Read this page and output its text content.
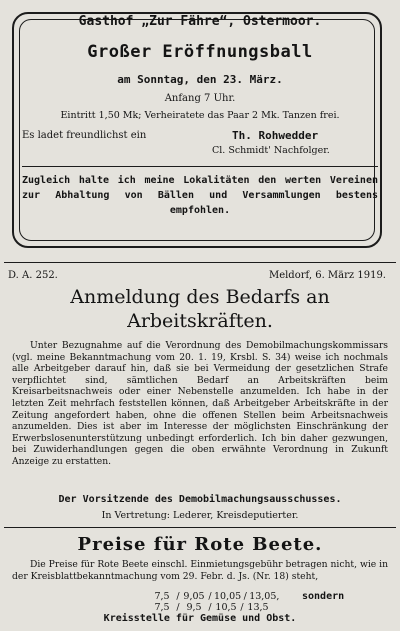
Gasthof „Zur Fähre“, Ostermoor.
Großer Eröffnungsball
am Sonntag, den 23. März.
Anfang 7 Uhr.
Eintritt 1,50 Mk; Verheiratete das Paar 2 Mk. Tanzen frei.
Es ladet freundlichst ein	Th. Rohwedder
Cl. Schmidt' Nachfolger.
Zugleich halte ich meine Lokalitäten den werten Vereinen zur Abhaltung von Bällen und Versammlungen bestens empfohlen.
D. A. 252.	Meldorf, 6. März 1919.
Anmeldung des Bedarfs an
Arbeitskräften.
Unter Bezugnahme auf die Verordnung des Demobilmachungskommissars (vgl. meine Bekanntmachung vom 20. 1. 19, Krsbl. S. 34) weise ich nochmals alle Arbeitgeber darauf hin, daß sie bei Vermeidung der gesetzlichen Strafe verpflichtet sind, sämtlichen Bedarf an Arbeitskräften beim Kreisarbeitsnachweis oder einer Nebenstelle anzumelden. Ich habe in der letzten Zeit mehrfach feststellen können, daß Arbeitgeber Arbeitskräfte in der Zeitung angefordert haben, ohne die offenen Stellen beim Arbeitsnachweis anzumelden. Dies ist aber im Interesse der möglichsten Einschränkung der Erwerbslosenunterstützung unbedingt erforderlich. Ich bin daher gezwungen, bei Zuwiderhandlungen gegen die oben erwähnte Verordnung in Zukunft Anzeige zu erstatten.
Der Vorsitzende des Demobilmachungsausschusses.
In Vertretung: Lederer, Kreisdeputierter.
Preise für Rote Beete.
Die Preise für Rote Beete einschl. Einmietungsgebühr betragen nicht, wie in der Kreisblattbekanntmachung vom 29. Febr. d. Js. (Nr. 18) steht,
7,5 / 9,05 / 10,05 / 13,05, sondern
7,5 / 9,5 / 10,5 / 13,5
Kreisstelle für Gemüse und Obst.
